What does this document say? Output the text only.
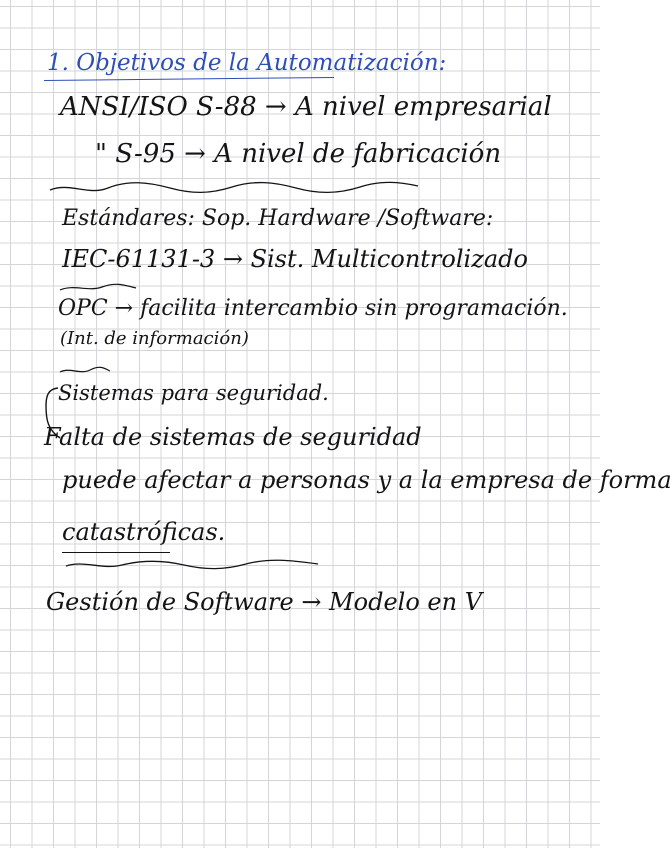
1. Objetivos de la Automatización:
ANSI/ISO S-88 → A nivel empresarial
" S-95 → A nivel de fabricación
Estándares: Sop. Hardware /Software:
IEC-61131-3 → Sist. Multicontrolizado
OPC → facilita intercambio sin programación.
(Int. de información)
Sistemas para seguridad.
Falta de sistemas de seguridad
puede afectar a personas y a la empresa de forma
catastróficas.
Gestión de Software → Modelo en V
